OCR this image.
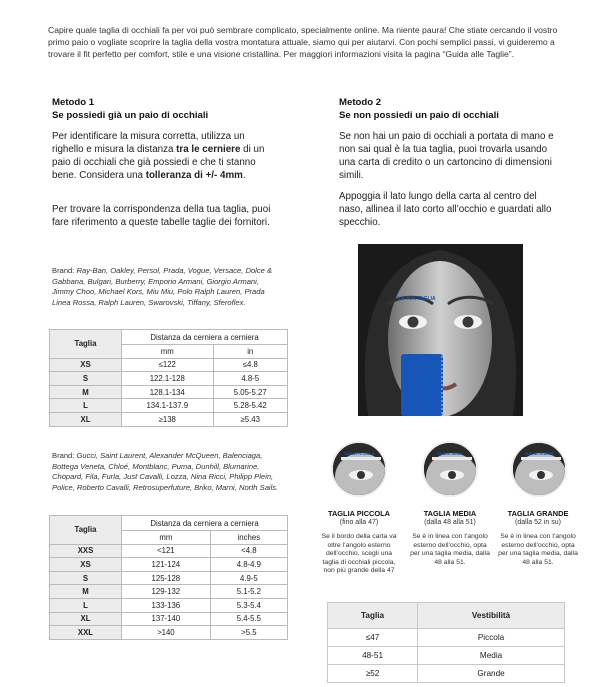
Capire quale taglia di occhiali fa per voi può sembrare complicato, specialmente online. Ma niente paura! Che stiate cercando il vostro primo paio o vogliate scoprire la taglia della vostra montatura attuale, siamo qui per aiutarvi. Con pochi semplici passi, vi guideremo a trovare il fit perfetto per comfort, stile e una visione cristallina. Per maggiori informazioni visita la pagina “Guida alle Taglie”.
Metodo 1
Se possiedi già un paio di occhiali
Per identificare la misura corretta, utilizza un righello e misura la distanza tra le cerniere di un paio di occhiali che già possiedi e che ti stanno bene. Considera una tolleranza di +/- 4mm.
Per trovare la corrispondenza della tua taglia, puoi fare riferimento a queste tabelle taglie dei fornitori.
Brand: Ray-Ban, Oakley, Persol, Prada, Vogue, Versace, Dolce & Gabbana, Bulgari, Burberry, Emporio Armani, Giorgio Armani, Jimmy Choo, Michael Kors, Miu Miu, Polo Ralph Lauren, Prada Linea Rossa, Ralph Lauren, Swarovski, Tiffany, Sferoflex.
Taglia	Distanza da cerniera a cerniera	
	mm	in
XS	≤122	≤4.8
S	122.1-128	4.8-5
M	128.1-134	5.05-5.27
L	134.1-137.9	5.28-5.42
XL	≥138	≥5.43
Brand: Gucci, Saint Laurent, Alexander McQueen, Balenciaga, Bottega Veneta, Chloé, Montblanc, Puma, Dunhill, Blumarine, Chopard, Fila, Furla, Just Cavalli, Lozza, Nina Ricci, Philipp Plein, Police, Roberto Cavalli, Retrosuperfuture, Briko, Marni, North Sails.
Taglia	Distanza da cerniera a cerniera	
	mm	inches
XXS	<121	<4.8
XS	121-124	4.8-4.9
S	125-128	4.9-5
M	129-132	5.1-5.2
L	133-136	5.3-5.4
XL	137-140	5.4-5.5
XXL	>140	>5.5
Metodo 2
Se non possiedi un paio di occhiali
Se non hai un paio di occhiali a portata di mano e non sai qual è la tua taglia, puoi trovarla usando una carta di credito o un cartoncino di dimensioni simili.
Appoggia il lato lungo della carta al centro del naso, allinea il lato corto all’occhio e guardati allo specchio.
LA TUA TAGLIA
TAGLIA PICCOLA	TAGLIA MEDIA	TAGLIA GRANDE
TAGLIA PICCOLA
(fino alla 47)
Se il bordo della carta va oltre l’angolo esterno dell’occhio, scegli una taglia di occhiali piccola, non più grande della 47
TAGLIA MEDIA
(dalla 48 alla 51)
Se è in linea con l’angolo esterno dell’occhio, opta per una taglia media, dalla 48 alla 51.
TAGLIA GRANDE
(dalla 52 in su)
Se è in linea con l’angolo esterno dell’occhio, opta per una taglia media, dalla 48 alla 51.
Taglia	Vestibilità
≤47	Piccola
48-51	Media
≥52	Grande
